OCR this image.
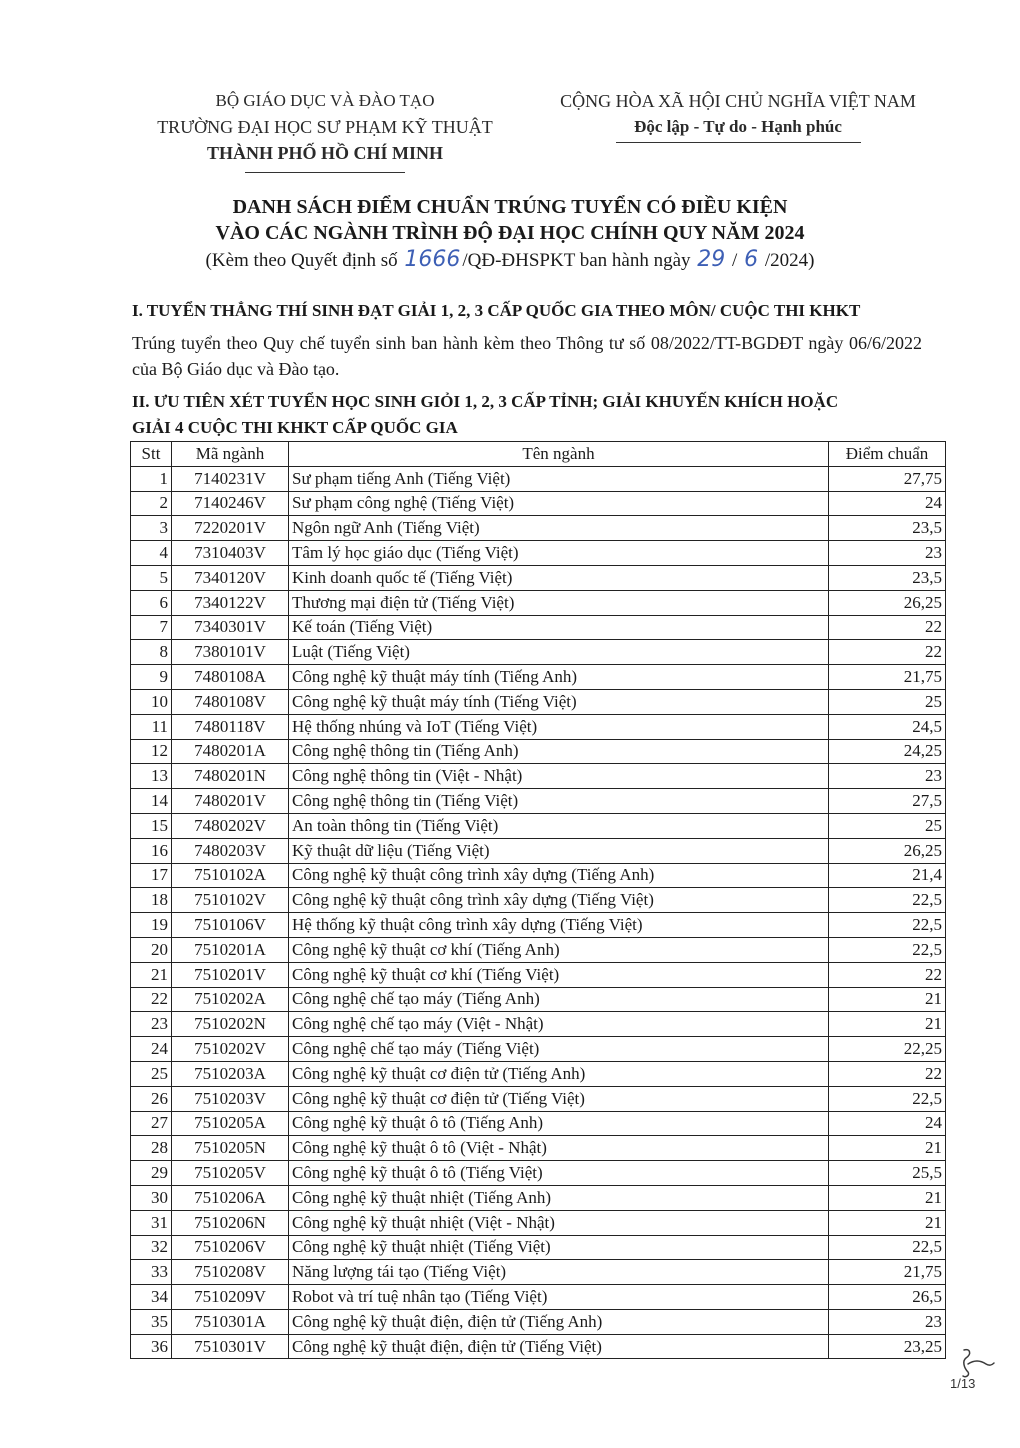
BỘ GIÁO DỤC VÀ ĐÀO TẠO
TRƯỜNG ĐẠI HỌC SƯ PHẠM KỸ THUẬT
THÀNH PHỐ HỒ CHÍ MINH
CỘNG HÒA XÃ HỘI CHỦ NGHĨA VIỆT NAM
Độc lập - Tự do - Hạnh phúc
DANH SÁCH ĐIỂM CHUẨN TRÚNG TUYỂN CÓ ĐIỀU KIỆN
VÀO CÁC NGÀNH TRÌNH ĐỘ ĐẠI HỌC CHÍNH QUY NĂM 2024
(Kèm theo Quyết định số 1666 /QĐ-ĐHSPKT ban hành ngày 29 / 6 /2024)
I. TUYỂN THẲNG THÍ SINH ĐẠT GIẢI 1, 2, 3 CẤP QUỐC GIA THEO MÔN/ CUỘC THI KHKT
Trúng tuyển theo Quy chế tuyển sinh ban hành kèm theo Thông tư số 08/2022/TT-BGDĐT ngày 06/6/2022 của Bộ Giáo dục và Đào tạo.
II. ƯU TIÊN XÉT TUYỂN HỌC SINH GIỎI 1, 2, 3 CẤP TỈNH; GIẢI KHUYẾN KHÍCH HOẶC
GIẢI 4 CUỘC THI KHKT CẤP QUỐC GIA
Stt	Mã ngành	Tên ngành	Điểm chuẩn
1	7140231V	Sư phạm tiếng Anh (Tiếng Việt)	27,75
2	7140246V	Sư phạm công nghệ (Tiếng Việt)	24
3	7220201V	Ngôn ngữ Anh (Tiếng Việt)	23,5
4	7310403V	Tâm lý học giáo dục (Tiếng Việt)	23
5	7340120V	Kinh doanh quốc tế (Tiếng Việt)	23,5
6	7340122V	Thương mại điện tử (Tiếng Việt)	26,25
7	7340301V	Kế toán (Tiếng Việt)	22
8	7380101V	Luật (Tiếng Việt)	22
9	7480108A	Công nghệ kỹ thuật máy tính (Tiếng Anh)	21,75
10	7480108V	Công nghệ kỹ thuật máy tính (Tiếng Việt)	25
11	7480118V	Hệ thống nhúng và IoT (Tiếng Việt)	24,5
12	7480201A	Công nghệ thông tin (Tiếng Anh)	24,25
13	7480201N	Công nghệ thông tin (Việt - Nhật)	23
14	7480201V	Công nghệ thông tin (Tiếng Việt)	27,5
15	7480202V	An toàn thông tin (Tiếng Việt)	25
16	7480203V	Kỹ thuật dữ liệu (Tiếng Việt)	26,25
17	7510102A	Công nghệ kỹ thuật công trình xây dựng (Tiếng Anh)	21,4
18	7510102V	Công nghệ kỹ thuật công trình xây dựng (Tiếng Việt)	22,5
19	7510106V	Hệ thống kỹ thuật công trình xây dựng (Tiếng Việt)	22,5
20	7510201A	Công nghệ kỹ thuật cơ khí (Tiếng Anh)	22,5
21	7510201V	Công nghệ kỹ thuật cơ khí (Tiếng Việt)	22
22	7510202A	Công nghệ chế tạo máy (Tiếng Anh)	21
23	7510202N	Công nghệ chế tạo máy (Việt - Nhật)	21
24	7510202V	Công nghệ chế tạo máy (Tiếng Việt)	22,25
25	7510203A	Công nghệ kỹ thuật cơ điện tử (Tiếng Anh)	22
26	7510203V	Công nghệ kỹ thuật cơ điện tử (Tiếng Việt)	22,5
27	7510205A	Công nghệ kỹ thuật ô tô (Tiếng Anh)	24
28	7510205N	Công nghệ kỹ thuật ô tô (Việt - Nhật)	21
29	7510205V	Công nghệ kỹ thuật ô tô (Tiếng Việt)	25,5
30	7510206A	Công nghệ kỹ thuật nhiệt (Tiếng Anh)	21
31	7510206N	Công nghệ kỹ thuật nhiệt (Việt - Nhật)	21
32	7510206V	Công nghệ kỹ thuật nhiệt (Tiếng Việt)	22,5
33	7510208V	Năng lượng tái tạo (Tiếng Việt)	21,75
34	7510209V	Robot và trí tuệ nhân tạo (Tiếng Việt)	26,5
35	7510301A	Công nghệ kỹ thuật điện, điện tử (Tiếng Anh)	23
36	7510301V	Công nghệ kỹ thuật điện, điện tử (Tiếng Việt)	23,25
1/13
